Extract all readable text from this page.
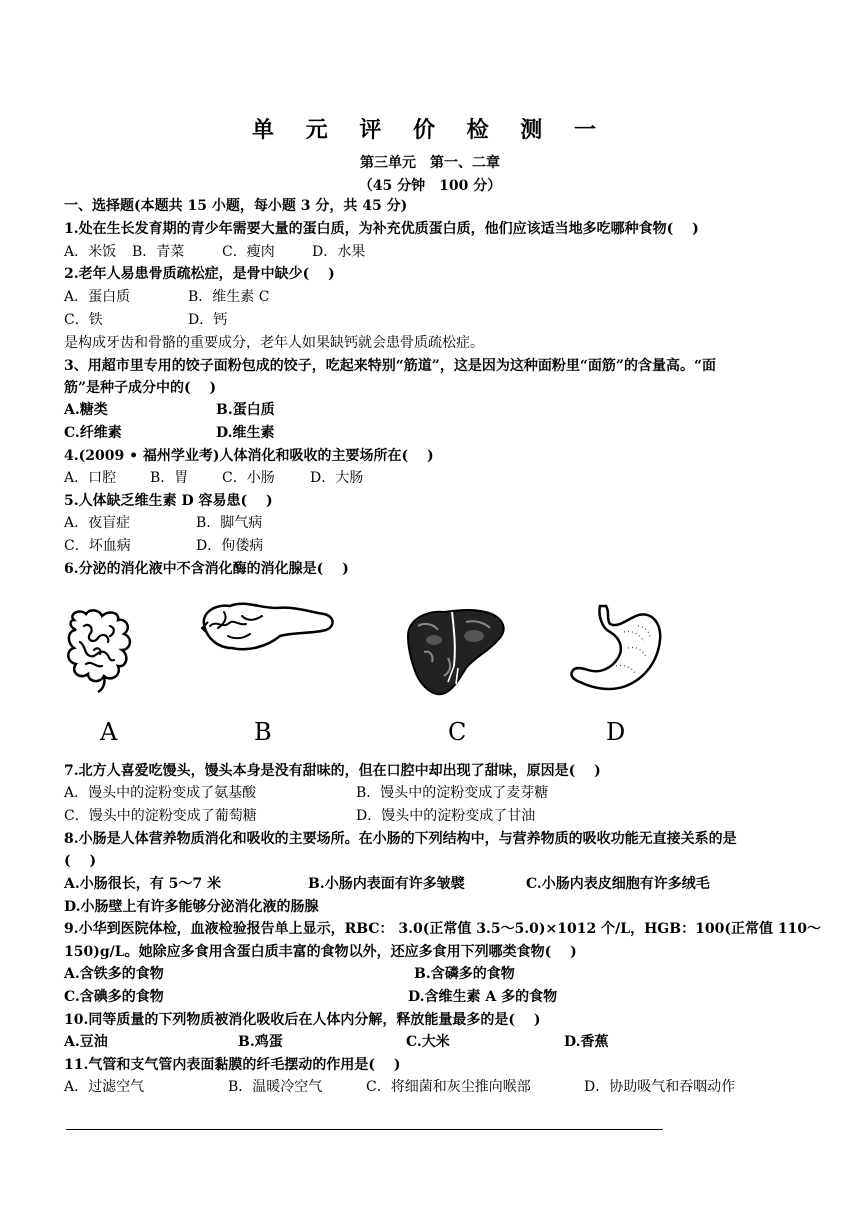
单 元 评 价 检 测 一
第三单元　第一、二章
（45 分钟　100 分）
一、选择题(本题共 15 小题，每小题 3 分，共 45 分)
1.处在生长发育期的青少年需要大量的蛋白质，为补充优质蛋白质，他们应该适当地多吃哪种食物(　 )
A．米饭 B．青菜	C．瘦肉	D．水果
2.老年人易患骨质疏松症，是骨中缺少(　 )
A．蛋白质	B．维生素 C
C．铁	D．钙
是构成牙齿和骨骼的重要成分，老年人如果缺钙就会患骨质疏松症。
3、用超市里专用的饺子面粉包成的饺子，吃起来特别“筋道”，这是因为这种面粉里“面筋”的含量高。“面
筋”是种子成分中的(　 )
A.糖类	B.蛋白质
C.纤维素	D.维生素
4.(2009 • 福州学业考)人体消化和吸收的主要场所在(　 )
A．口腔 B．胃 C．小肠	D．大肠
5.人体缺乏维生素 D 容易患(　 )
A．夜盲症	B．脚气病
C．坏血病	D．佝偻病
6.分泌的消化液中不含消化酶的消化腺是(　 )
A	B	C	D
7.北方人喜爱吃馒头，馒头本身是没有甜味的，但在口腔中却出现了甜味，原因是(　 )
A．馒头中的淀粉变成了氨基酸	B．馒头中的淀粉变成了麦芽糖
C．馒头中的淀粉变成了葡萄糖	D．馒头中的淀粉变成了甘油
8.小肠是人体营养物质消化和吸收的主要场所。在小肠的下列结构中，与营养物质的吸收功能无直接关系的是
(　 )
A.小肠很长，有 5～7 米	B.小肠内表面有许多皱襞	C.小肠内表皮细胞有许多绒毛
D.小肠壁上有许多能够分泌消化液的肠腺
9.小华到医院体检，血液检验报告单上显示，RBC： 3.0(正常值 3.5～5.0)×1012 个/L，HGB：100(正常值 110～
150)g/L。她除应多食用含蛋白质丰富的食物以外，还应多食用下列哪类食物(　 )
A.含铁多的食物	B.含磷多的食物
C.含碘多的食物	D.含维生素 A 多的食物
10.同等质量的下列物质被消化吸收后在人体内分解，释放能量最多的是(　 )
A.豆油	B.鸡蛋	C.大米	D.香蕉
11.气管和支气管内表面黏膜的纤毛摆动的作用是(　 )
A．过滤空气	B．温暖冷空气	C．将细菌和灰尘推向喉部	D．协助吸气和吞咽动作
